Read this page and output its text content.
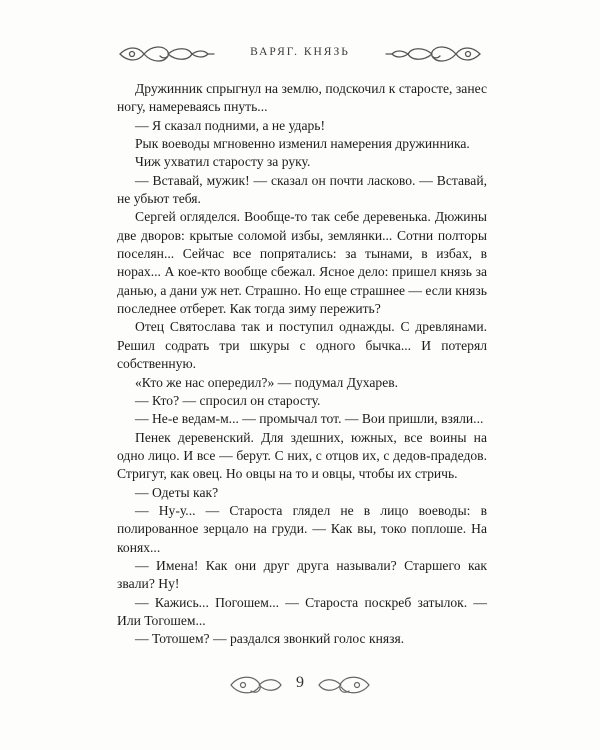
ВАРЯГ. КНЯЗЬ

Дружинник спрыгнул на землю, подскочил к старосте, занес ногу, намереваясь пнуть...

— Я сказал подними, а не ударь!

Рык воеводы мгновенно изменил намерения дружинника.

Чиж ухватил старосту за руку.

— Вставай, мужик! — сказал он почти ласково. — Вставай, не убьют тебя.

Сергей огляделся. Вообще-то так себе деревенька. Дюжины две дворов: крытые соломой избы, землянки... Сотни полторы поселян... Сейчас все попрятались: за тынами, в избах, в норах... А кое-кто вообще сбежал. Ясное дело: пришел князь за данью, а дани уж нет. Страшно. Но еще страшнее — если князь последнее отберет. Как тогда зиму пережить?

Отец Святослава так и поступил однажды. С древлянами. Решил содрать три шкуры с одного бычка... И потерял собственную.

«Кто же нас опередил?» — подумал Духарев.

— Кто? — спросил он старосту.

— Не-е ведам-м... — промычал тот. — Вои пришли, взяли...

Пенек деревенский. Для здешних, южных, все воины на одно лицо. И все — берут. С них, с отцов их, с дедов-прадедов. Стригут, как овец. Но овцы на то и овцы, чтобы их стричь.

— Одеты как?

— Ну-у... — Староста глядел не в лицо воеводы: в полированное зерцало на груди. — Как вы, токо поплоше. На конях...

— Имена! Как они друг друга называли? Старшего как звали? Ну!

— Кажись... Погошем... — Староста поскреб затылок. — Или Тогошем...

— Тотошем? — раздался звонкий голос князя.

9
